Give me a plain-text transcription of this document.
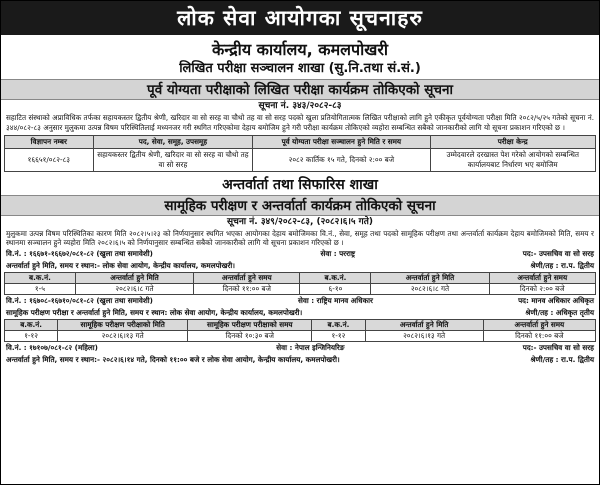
लोक सेवा आयोगका सूचनाहरु
केन्द्रीय कार्यालय, कमलपोखरी
लिखित परीक्षा सञ्चालन शाखा (सु.नि.तथा सं.सं.)
पूर्व योग्यता परीक्षाको लिखित परीक्षा कार्यक्रम तोकिएको सूचना
सूचना नं. ३४३/२०८२-८३
सहाटित संस्थाको अप्राविधिक तर्फका सहायकस्तर द्वितीय श्रेणी, खरिदार वा सो सरह वा चौथो तह वा सो सरह पदको खुला प्रतियोगितात्मक लिखित परीक्षाको लागि हुने एकीकृत पूर्वयोग्यता परीक्षा मिति २०८२/५/२५ गतेको सूचना नं. ३४४/०८२-८३ अनुसार मुलुकमा उत्पन्न विषम परिस्थितिलाई मध्यनजर गरी स्थगित गरिएकोमा देहाय बमोजिम हुने गरी परीक्षा कार्यक्रम तोकिएको व्यहोरा सम्बन्धित सबैको जानकारीको लागि यो सूचना प्रकाशन गरिएको छ ।
विज्ञापन नम्बर	पद, सेवा, समूह, उपसमूह	पूर्व योग्यता परीक्षा सञ्चालन हुने मिति र समय	परीक्षा केन्द्र
१६६५१/०८२-८३	सहायकस्तर द्वितीय श्रेणी, खरिदार वा सो सरह वा चौथो तह वा सो सरह	२०८२ कार्तिक १५ गते, दिनको २:०० बजे	उम्मेदवारले दरखास्त पेश गरेको आयोगको सम्बन्धित कार्यालयबाट निर्धारण भए बमोजिम
अन्तर्वार्ता तथा सिफारिस शाखा
सामूहिक परीक्षण र अन्तर्वार्ता कार्यक्रम तोकिएको सूचना
सूचना नं. ३४९/२०८२-८३, (२०८२।६।५ गते)
मुलुकमा उत्पन्न विषम परिस्थितिका कारण मिति २०८२।५।२३ को निर्णयानुसार स्थगित भएका आयोगका देहाय बमोजिमका वि.नं., सेवा, समूह तथा पदको सामूहिक परीक्षण तथा अन्तर्वार्ता कार्यक्रम देहाय बमोजिमको मिति, समय र स्थानमा सञ्चालन हुने व्यहोरा मिति २०८२।६।५ को निर्णयानुसार सम्बन्धित सबैको जानकारीको लागि यो सूचना प्रकाशन गरिएको छ ।
वि.नं. : १६६७१-१६६७२/०८१-८२ (खुला तथा समावेशी)	सेवा : परराष्ट्र	पद:- उपसचिव वा सो सरह
अन्तर्वार्ता हुने मिति, समय र स्थान:- लोक सेवा आयोग, केन्द्रीय कार्यालय, कमलपोखरी।	श्रेणी/तह : रा.प. द्वितीय
ब.क.नं.	अन्तर्वार्ता हुने मिति	अन्तर्वार्ता हुने समय	ब.क.नं.	अन्तर्वार्ता हुने मिति	अन्तर्वार्ता हुने समय
१-५	२०८२।६।८ गते	दिनको ११:०० बजे	६-१०	२०८२।६।८ गते	दिनको २:०० बजे
वि.नं. : १६७०८-१६७१०/०८१-८२ (खुला तथा समावेशी)	सेवा : राष्ट्रिय मानव अधिकार	पद: मानव अधिकार अधिकृत
सामूहिक परीक्षण परीक्षा र अन्तर्वार्ता हुने मिति, समय र स्थान: लोक सेवा आयोग, केन्द्रीय कार्यालय, कमलपोखरी।	श्रेणी/तह : अधिकृत तृतीय
ब.क.नं.	सामूहिक परीक्षण परीक्षाको मिति	सामूहिक परीक्षण परीक्षाको समय	ब.क.नं.	अन्तर्वार्ता हुने मिति	अन्तर्वार्ता हुने समय
१-१२	२०८२।६।१३ गते	दिनको १०:३० बजे	१-१२	२०८२।६।१३ गते	दिनको ११:०० बजे
वि.नं. : १७१०७/०८१-८२ (महिला)	सेवा : नेपाल इन्जिनियरिङ	पद:- उपसचिव वा सो सरह
अन्तर्वार्ता हुने मिति, समय र स्थान:- २०८२।६।१४ गते, दिनको ११:०० बजे र लोक सेवा आयोग, केन्द्रीय कार्यालय, कमलपोखरी।	श्रेणी/तह : रा.प. द्वितीय
